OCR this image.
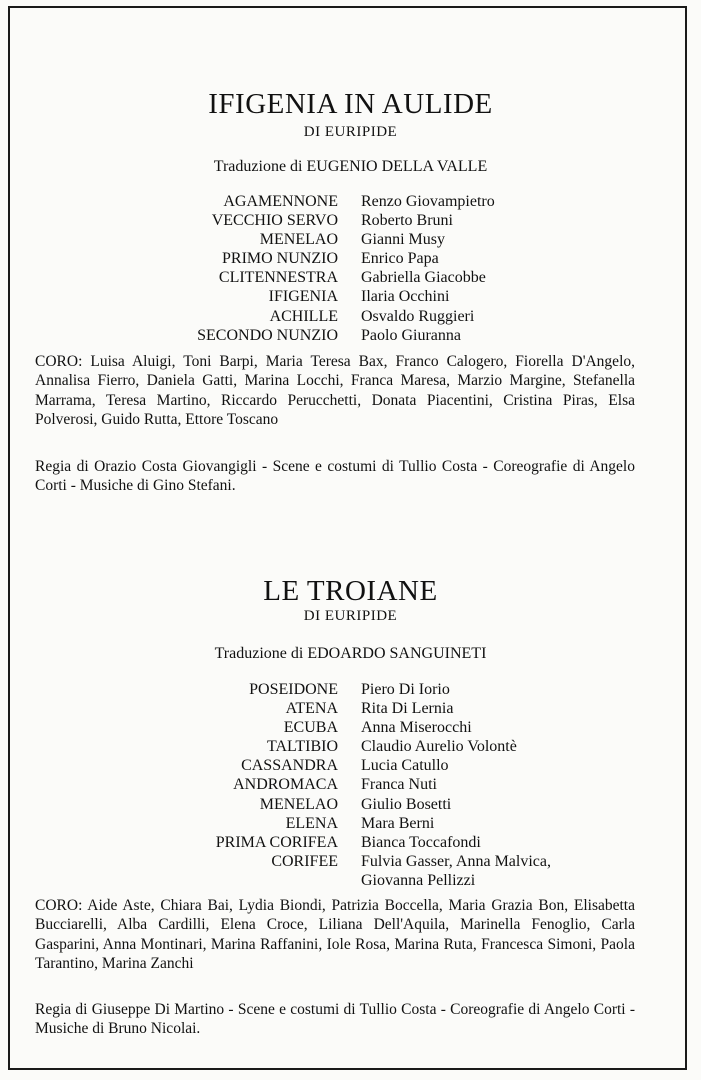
IFIGENIA IN AULIDE
DI EURIPIDE
Traduzione di EUGENIO DELLA VALLE
AGAMENNONE Renzo Giovampietro
VECCHIO SERVO Roberto Bruni
MENELAO Gianni Musy
PRIMO NUNZIO Enrico Papa
CLITENNESTRA Gabriella Giacobbe
IFIGENIA Ilaria Occhini
ACHILLE Osvaldo Ruggieri
SECONDO NUNZIO Paolo Giuranna
CORO: Luisa Aluigi, Toni Barpi, Maria Teresa Bax, Franco Calogero, Fiorella D'Angelo, Annalisa Fierro, Daniela Gatti, Marina Locchi, Franca Maresa, Marzio Margine, Stefanella Marrama, Teresa Martino, Riccardo Perucchetti, Donata Piacentini, Cristina Piras, Elsa Polverosi, Guido Rutta, Ettore Toscano
Regia di Orazio Costa Giovangigli - Scene e costumi di Tullio Costa - Coreografie di Angelo Corti - Musiche di Gino Stefani.
LE TROIANE
DI EURIPIDE
Traduzione di EDOARDO SANGUINETI
POSEIDONE Piero Di Iorio
ATENA Rita Di Lernia
ECUBA Anna Miserocchi
TALTIBIO Claudio Aurelio Volontè
CASSANDRA Lucia Catullo
ANDROMACA Franca Nuti
MENELAO Giulio Bosetti
ELENA Mara Berni
PRIMA CORIFEA Bianca Toccafondi
CORIFEE Fulvia Gasser, Anna Malvica,
Giovanna Pellizzi
CORO: Aide Aste, Chiara Bai, Lydia Biondi, Patrizia Boccella, Maria Grazia Bon, Elisabetta Bucciarelli, Alba Cardilli, Elena Croce, Liliana Dell'Aquila, Marinella Fenoglio, Carla Gasparini, Anna Montinari, Marina Raffanini, Iole Rosa, Marina Ruta, Francesca Simoni, Paola Tarantino, Marina Zanchi
Regia di Giuseppe Di Martino - Scene e costumi di Tullio Costa - Coreografie di Angelo Corti - Musiche di Bruno Nicolai.
